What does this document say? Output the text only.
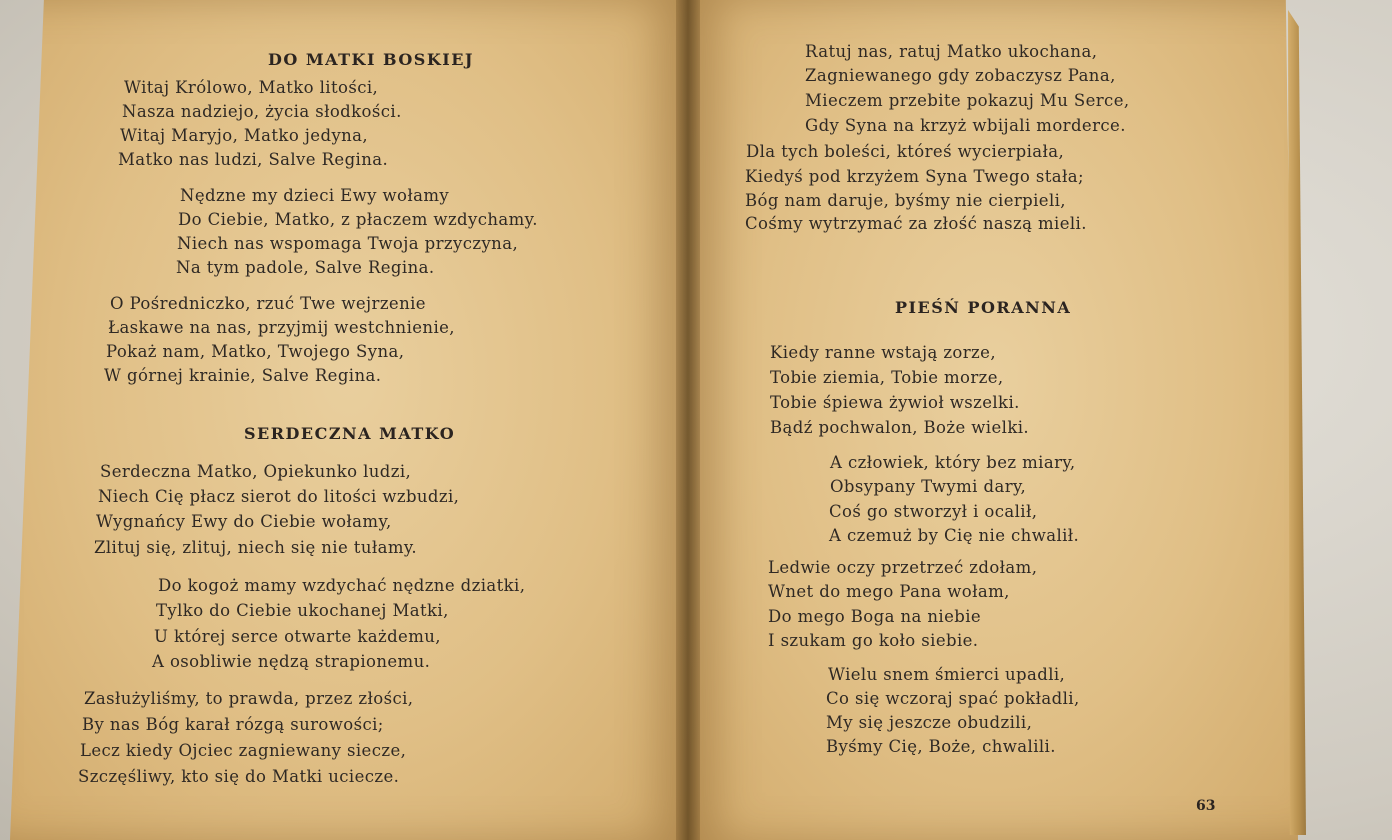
DO MATKI BOSKIEJ
Witaj Królowo, Matko litości,
Nasza nadziejo, życia słodkości.
Witaj Maryjo, Matko jedyna,
Matko nas ludzi, Salve Regina.
Nędzne my dzieci Ewy wołamy
Do Ciebie, Matko, z płaczem wzdychamy.
Niech nas wspomaga Twoja przyczyna,
Na tym padole, Salve Regina.
O Pośredniczko, rzuć Twe wejrzenie
Łaskawe na nas, przyjmij westchnienie,
Pokaż nam, Matko, Twojego Syna,
W górnej krainie, Salve Regina.
SERDECZNA MATKO
Serdeczna Matko, Opiekunko ludzi,
Niech Cię płacz sierot do litości wzbudzi,
Wygnańcy Ewy do Ciebie wołamy,
Zlituj się, zlituj, niech się nie tułamy.
Do kogoż mamy wzdychać nędzne dziatki,
Tylko do Ciebie ukochanej Matki,
U której serce otwarte każdemu,
A osobliwie nędzą strapionemu.
Zasłużyliśmy, to prawda, przez złości,
By nas Bóg karał rózgą surowości;
Lecz kiedy Ojciec zagniewany siecze,
Szczęśliwy, kto się do Matki ucieczе.
Ratuj nas, ratuj Matko ukochana,
Zagniewanego gdy zobaczysz Pana,
Mieczem przebite pokazuj Mu Serce,
Gdy Syna na krzyż wbijali morderce.
Dla tych boleści, któreś wycierpiała,
Kiedyś pod krzyżem Syna Twego stała;
Bóg nam daruje, byśmy nie cierpieli,
Cośmy wytrzymać za złość naszą mieli.
PIEŚŃ PORANNA
Kiedy ranne wstają zorze,
Tobie ziemia, Tobie morze,
Tobie śpiewa żywioł wszelki.
Bądź pochwalon, Boże wielki.
A człowiek, który bez miary,
Obsypany Twymi dary,
Coś go stworzył i ocalił,
A czemuż by Cię nie chwalił.
Ledwie oczy przetrzeć zdołam,
Wnet do mego Pana wołam,
Do mego Boga na niebie
I szukam go koło siebie.
Wielu snem śmierci upadli,
Co się wczoraj spać pokładli,
My się jeszcze obudzili,
Byśmy Cię, Boże, chwalili.
63
